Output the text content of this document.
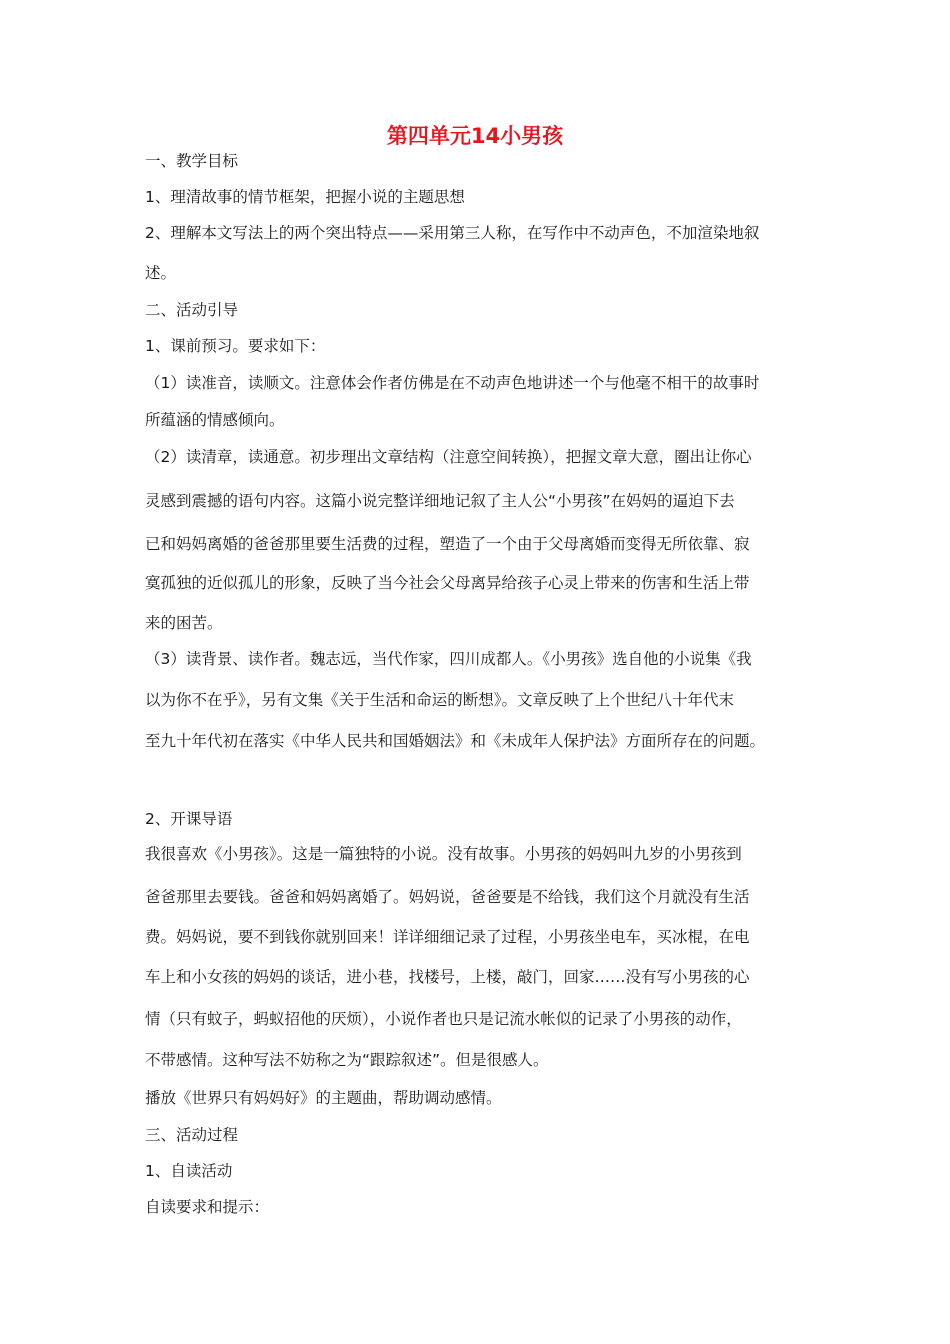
第四单元14小男孩
一、教学目标
1、理清故事的情节框架，把握小说的主题思想
2、理解本文写法上的两个突出特点——采用第三人称，在写作中不动声色，不加渲染地叙
述。
二、活动引导
1、课前预习。要求如下：
（1）读准音，读顺文。注意体会作者仿佛是在不动声色地讲述一个与他毫不相干的故事时
所蕴涵的情感倾向。
（2）读清章，读通意。初步理出文章结构（注意空间转换），把握文章大意，圈出让你心
灵感到震撼的语句内容。这篇小说完整详细地记叙了主人公“小男孩”在妈妈的逼迫下去
已和妈妈离婚的爸爸那里要生活费的过程，塑造了一个由于父母离婚而变得无所依靠、寂
寞孤独的近似孤儿的形象，反映了当今社会父母离异给孩子心灵上带来的伤害和生活上带
来的困苦。
（3）读背景、读作者。魏志远，当代作家，四川成都人。《小男孩》选自他的小说集《我
以为你不在乎》，另有文集《关于生活和命运的断想》。文章反映了上个世纪八十年代末
至九十年代初在落实《中华人民共和国婚姻法》和《未成年人保护法》方面所存在的问题。
2、开课导语
我很喜欢《小男孩》。这是一篇独特的小说。没有故事。小男孩的妈妈叫九岁的小男孩到
爸爸那里去要钱。爸爸和妈妈离婚了。妈妈说，爸爸要是不给钱，我们这个月就没有生活
费。妈妈说，要不到钱你就别回来！详详细细记录了过程，小男孩坐电车，买冰棍，在电
车上和小女孩的妈妈的谈话，进小巷，找楼号，上楼，敲门，回家……没有写小男孩的心
情（只有蚊子，蚂蚁招他的厌烦），小说作者也只是记流水帐似的记录了小男孩的动作，
不带感情。这种写法不妨称之为“跟踪叙述”。但是很感人。
播放《世界只有妈妈好》的主题曲，帮助调动感情。
三、活动过程
1、自读活动
自读要求和提示：
